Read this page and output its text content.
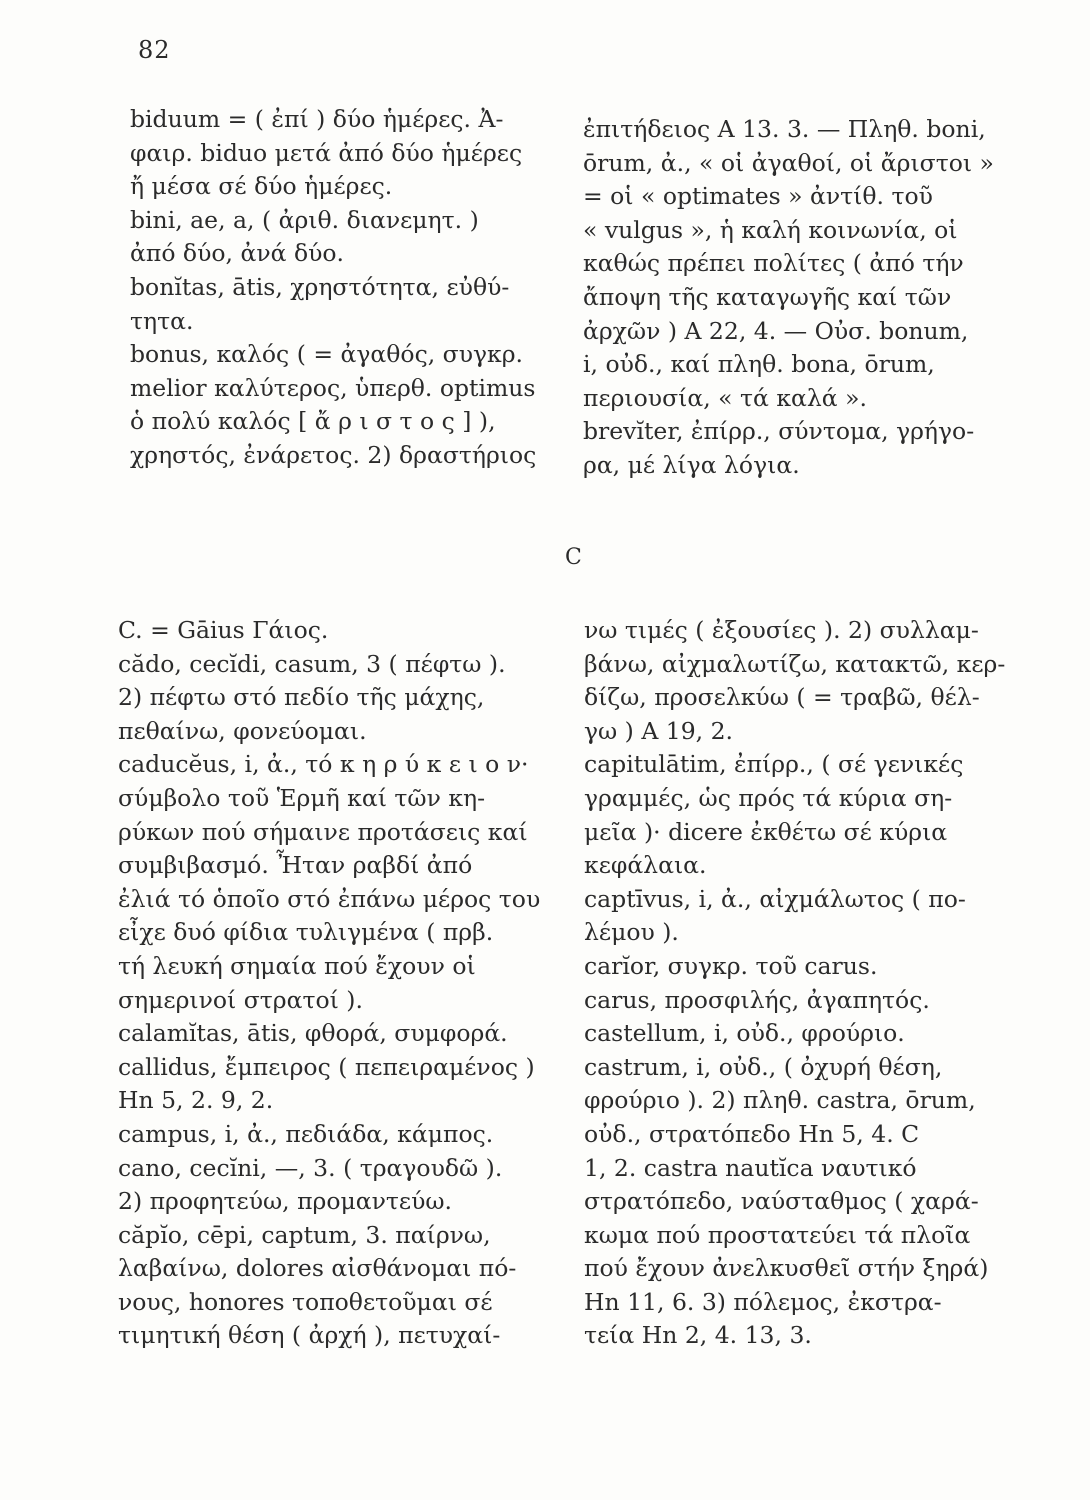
82
biduum = ( ἐπί ) δύο ἡμέρες. Ἀ-
φαιρ. biduo μετά ἀπό δύο ἡμέρες
ἤ μέσα σέ δύο ἡμέρες.
bini, ae, a, ( ἀριθ. διανεμητ. )
ἀπό δύο, ἀνά δύο.
bonĭtas, ātis, χρηστότητα, εὐθύ-
τητα.
bonus, καλός ( = ἀγαθός, συγκρ.
melior καλύτερος, ὑπερθ. optimus
ὁ πολύ καλός [ ἄ ρ ι σ τ ο ς ] ),
χρηστός, ἐνάρετος. 2) δραστήριος
ἐπιτήδειος Α 13. 3. — Πληθ. boni,
ōrum, ἀ., « οἱ ἀγαθοί, οἱ ἄριστοι »
= οἱ « optimates » ἀντίθ. τοῦ
« vulgus », ἡ καλή κοινωνία, οἱ
καθώς πρέπει πολίτες ( ἀπό τήν
ἄποψη τῆς καταγωγῆς καί τῶν
ἀρχῶν ) Α 22, 4. — Οὐσ. bonum,
i, οὐδ., καί πληθ. bona, ōrum,
περιουσία, « τά καλά ».
brevĭter, ἐπίρρ., σύντομα, γρήγο-
ρα, μέ λίγα λόγια.
C
C. = Gāius Γάιος.
cădo, cecĭdi, casum, 3 ( πέφτω ).
2) πέφτω στό πεδίο τῆς μάχης,
πεθαίνω, φονεύομαι.
caducĕus, i, ἀ., τό κ η ρ ύ κ ε ι ο ν·
σύμβολο τοῦ Ἑρμῆ καί τῶν κη-
ρύκων πού σήμαινε προτάσεις καί
συμβιβασμό. Ἦταν ραβδί ἀπό
ἐλιά τό ὁποῖο στό ἐπάνω μέρος του
εἶχε δυό φίδια τυλιγμένα ( πρβ.
τή λευκή σημαία πού ἔχουν οἱ
σημερινοί στρατοί ).
calamĭtas, ātis, φθορά, συμφορά.
callidus, ἔμπειρος ( πεπειραμένος )
Hn 5, 2. 9, 2.
campus, i, ἀ., πεδιάδα, κάμπος.
cano, cecĭni, —, 3. ( τραγουδῶ ).
2) προφητεύω, προμαντεύω.
căpĭo, cēpi, captum, 3. παίρνω,
λαβαίνω, dolores αἰσθάνομαι πό-
νους, honores τοποθετοῦμαι σέ
τιμητική θέση ( ἀρχή ), πετυχαί-
νω τιμές ( ἐξουσίες ). 2) συλλαμ-
βάνω, αἰχμαλωτίζω, κατακτῶ, κερ-
δίζω, προσελκύω ( = τραβῶ, θέλ-
γω ) Α 19, 2.
capitulātim, ἐπίρρ., ( σέ γενικές
γραμμές, ὡς πρός τά κύρια ση-
μεῖα )· dicere ἐκθέτω σέ κύρια
κεφάλαια.
captīvus, i, ἀ., αἰχμάλωτος ( πο-
λέμου ).
carĭor, συγκρ. τοῦ carus.
carus, προσφιλής, ἀγαπητός.
castellum, i, οὐδ., φρούριο.
castrum, i, οὐδ., ( ὀχυρή θέση,
φρούριο ). 2) πληθ. castra, ōrum,
οὐδ., στρατόπεδο Hn 5, 4. C
1, 2. castra nautĭca ναυτικό
στρατόπεδο, ναύσταθμος ( χαρά-
κωμα πού προστατεύει τά πλοῖα
πού ἔχουν ἀνελκυσθεῖ στήν ξηρά)
Hn 11, 6. 3) πόλεμος, ἐκστρα-
τεία Hn 2, 4. 13, 3.
